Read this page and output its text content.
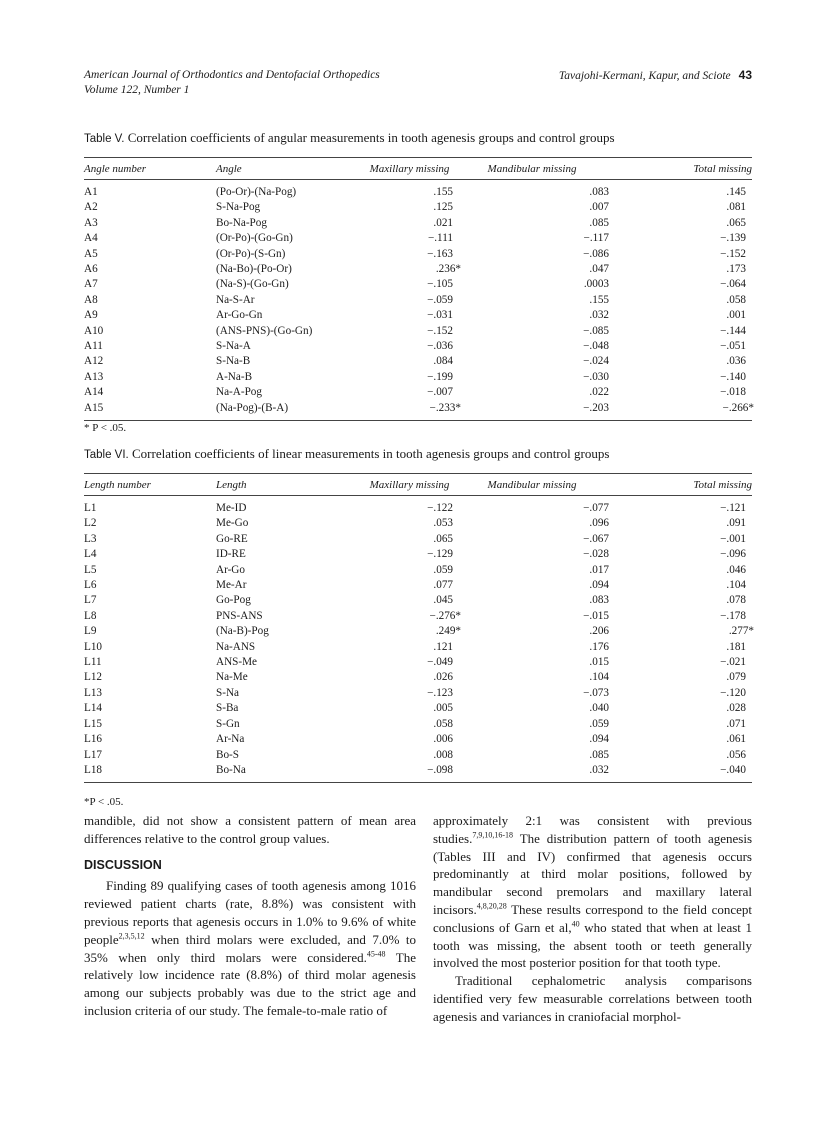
American Journal of Orthodontics and Dentofacial Orthopedics
Volume 122, Number 1
Tavajohi-Kermani, Kapur, and Sciote 43
Table V. Correlation coefficients of angular measurements in tooth agenesis groups and control groups
Angle number	Angle	Maxillary missing	Mandibular missing	Total missing
A1	(Po-Or)-(Na-Pog)	.155	.083	.145
A2	S-Na-Pog	.125	.007	.081
A3	Bo-Na-Pog	.021	.085	.065
A4	(Or-Po)-(Go-Gn)	−.111	−.117	−.139
A5	(Or-Po)-(S-Gn)	−.163	−.086	−.152
A6	(Na-Bo)-(Po-Or)	.236*	.047	.173
A7	(Na-S)-(Go-Gn)	−.105	.0003	−.064
A8	Na-S-Ar	−.059	.155	.058
A9	Ar-Go-Gn	−.031	.032	.001
A10	(ANS-PNS)-(Go-Gn)	−.152	−.085	−.144
A11	S-Na-A	−.036	−.048	−.051
A12	S-Na-B	.084	−.024	.036
A13	A-Na-B	−.199	−.030	−.140
A14	Na-A-Pog	−.007	.022	−.018
A15	(Na-Pog)-(B-A)	−.233*	−.203	−.266*
* P < .05.
Table VI. Correlation coefficients of linear measurements in tooth agenesis groups and control groups
Length number	Length	Maxillary missing	Mandibular missing	Total missing
L1	Me-ID	−.122	−.077	−.121
L2	Me-Go	.053	.096	.091
L3	Go-RE	.065	−.067	−.001
L4	ID-RE	−.129	−.028	−.096
L5	Ar-Go	.059	.017	.046
L6	Me-Ar	.077	.094	.104
L7	Go-Pog	.045	.083	.078
L8	PNS-ANS	−.276*	−.015	−.178
L9	(Na-B)-Pog	.249*	.206	.277*
L10	Na-ANS	.121	.176	.181
L11	ANS-Me	−.049	.015	−.021
L12	Na-Me	.026	.104	.079
L13	S-Na	−.123	−.073	−.120
L14	S-Ba	.005	.040	.028
L15	S-Gn	.058	.059	.071
L16	Ar-Na	.006	.094	.061
L17	Bo-S	.008	.085	.056
L18	Bo-Na	−.098	.032	−.040
*P < .05.

mandible, did not show a consistent pattern of mean area differences relative to the control group values.

DISCUSSION

Finding 89 qualifying cases of tooth agenesis among 1016 reviewed patient charts (rate, 8.8%) was consistent with previous reports that agenesis occurs in 1.0% to 9.6% of white people$^{2,3,5,12}$ when third molars were excluded, and 7.0% to 35% when only third molars were considered.$^{45-48}$ The relatively low incidence rate (8.8%) of third molar agenesis among our subjects probably was due to the strict age and inclusion criteria of our study. The female-to-male ratio of

approximately 2:1 was consistent with previous studies.$^{7,9,10,16-18}$ The distribution pattern of tooth agenesis (Tables III and IV) confirmed that agenesis occurs predominantly at third molar positions, followed by mandibular second premolars and maxillary lateral incisors.$^{4,8,20,28}$ These results correspond to the field concept conclusions of Garn et al,$^{40}$ who stated that when at least 1 tooth was missing, the absent tooth or teeth generally involved the most posterior position for that tooth type.

Traditional cephalometric analysis comparisons identified very few measurable correlations between tooth agenesis and variances in craniofacial morphol-
